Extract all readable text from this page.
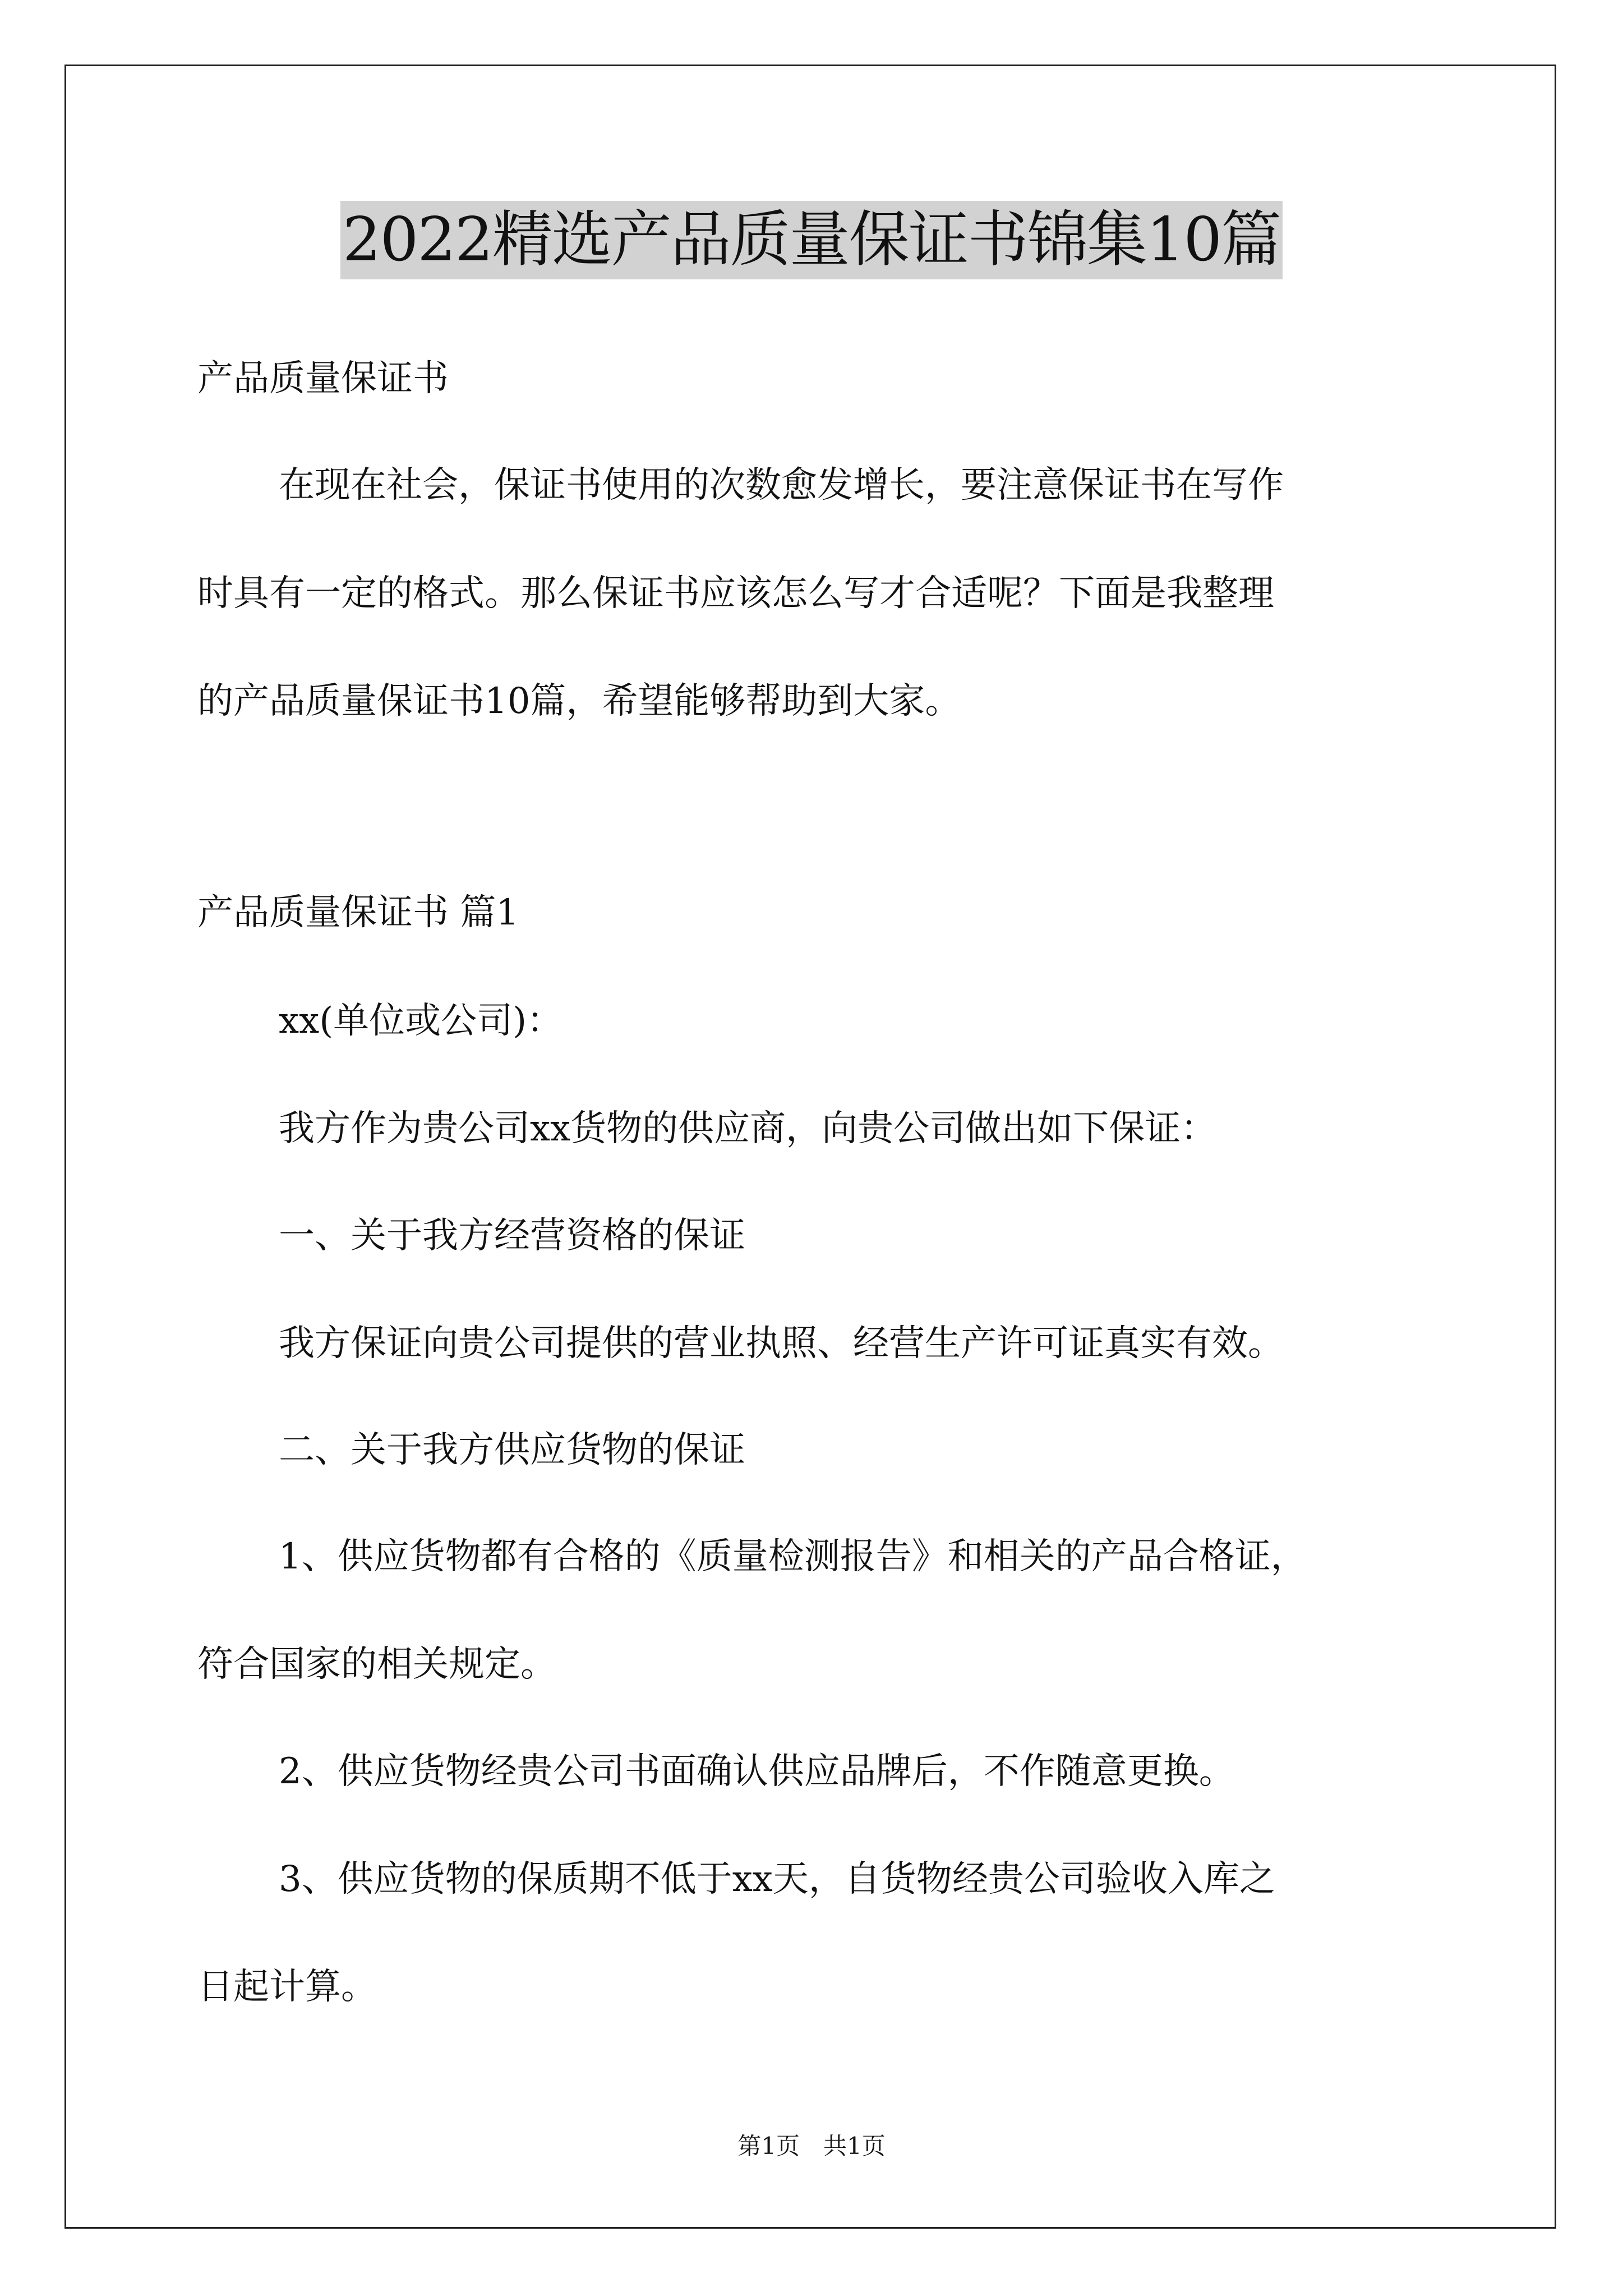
2022精选产品质量保证书锦集10篇
产品质量保证书
在现在社会，保证书使用的次数愈发增长，要注意保证书在写作
时具有一定的格式。那么保证书应该怎么写才合适呢？下面是我整理
的产品质量保证书10篇，希望能够帮助到大家。
产品质量保证书 篇1
xx(单位或公司)：
我方作为贵公司xx货物的供应商，向贵公司做出如下保证：
一、关于我方经营资格的保证
我方保证向贵公司提供的营业执照、经营生产许可证真实有效。
二、关于我方供应货物的保证
1、供应货物都有合格的《质量检测报告》和相关的产品合格证，
符合国家的相关规定。
2、供应货物经贵公司书面确认供应品牌后，不作随意更换。
3、供应货物的保质期不低于xx天，自货物经贵公司验收入库之
日起计算。
第1页　共1页
